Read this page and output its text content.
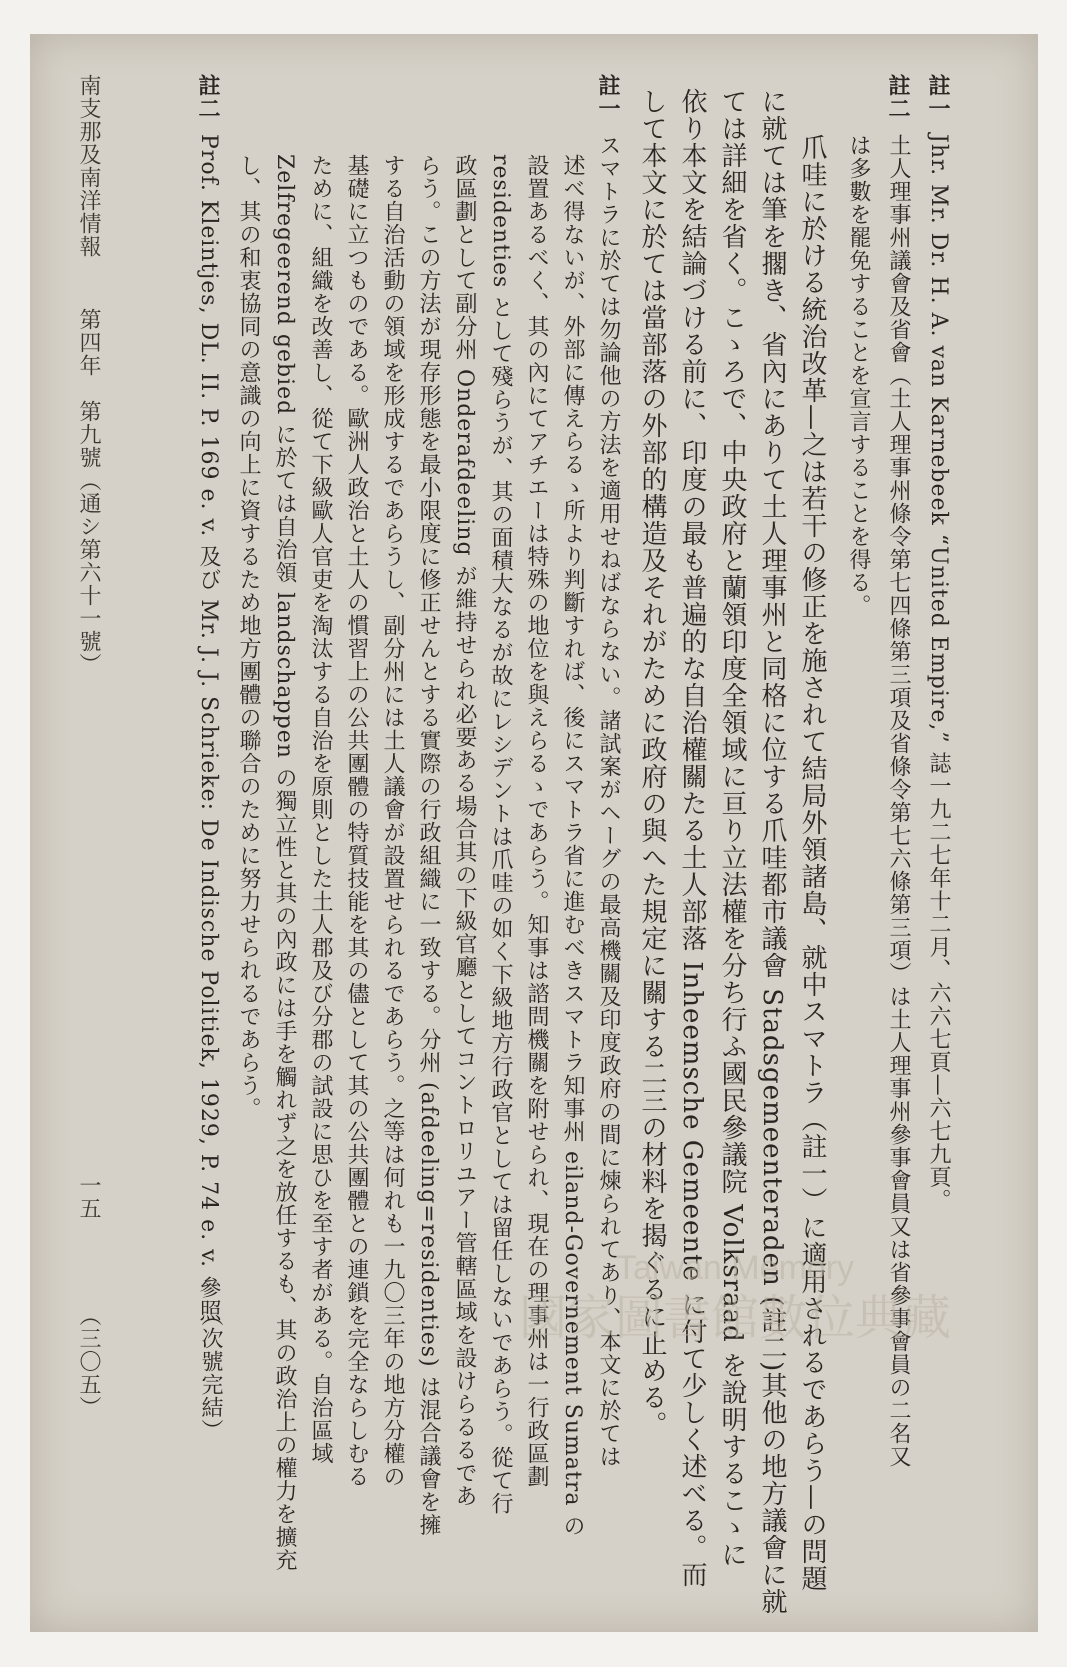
註一Jhr. Mr. Dr. H. A. van Karnebeek “United Empire,” 誌一九二七年十二月、六六七頁—六七九頁。
註二土人理事州議會及省會（土人理事州條令第七四條第三項及省條令第七六條第三項）は土人理事州參事會員又は省參事會員の二名又
は多數を罷免することを宣言することを得る。
爪哇に於ける統治改革—之は若干の修正を施されて結局外領諸島、就中スマトラ（註一）に適用されるであらう—の問題
に就ては筆を擱き、省內にありて土人理事州と同格に位する爪哇都市議會 Stadsgemeenteraden (註二)其他の地方議會に就
ては詳細を省く。こゝろで、中央政府と蘭領印度全領域に亘り立法權を分ち行ふ國民參議院 Volksraad を說明するこゝに
依り本文を結論づける前に、印度の最も普遍的な自治權關たる土人部落 Inheemsche Gemeente に付て少しく述べる。而
して本文に於ては當部落の外部的構造及それがために政府の與へた規定に關する二三の材料を揭ぐるに止める。
註一スマトラに於ては勿論他の方法を適用せねばならない。諸試案がヘーグの最高機關及印度政府の間に煉られてあり、本文に於ては
述べ得ないが、外部に傳えらるゝ所より判斷すれば、後にスマトラ省に進むべきスマトラ知事州 eiland-Governement Sumatra の
設置あるべく、其の內にてアチエーは特殊の地位を與えらるゝであらう。知事は諮問機關を附せられ、現在の理事州は一行政區劃
residenties として殘らうが、其の面積大なるが故にレシデントは爪哇の如く下級地方行政官としては留任しないであらう。從て行
政區劃として副分州 Onderafdeeling が維持せられ必要ある場合其の下級官廳としてコントロリユアー管轄區域を設けらるるであ
らう。この方法が現存形態を最小限度に修正せんとする實際の行政組織に一致する。分州 (afdeeling=residenties) は混合議會を擁
する自治活動の領域を形成するであらうし、副分州には土人議會が設置せられるであらう。之等は何れも一九〇三年の地方分權の
基礎に立つものである。歐洲人政治と土人の慣習上の公共團體の特質技能を其の儘として其の公共團體との連鎖を完全ならしむる
ために、組織を改善し、從て下級歐人官吏を淘汰する自治を原則とした土人郡及び分郡の試設に思ひを至す者がある。自治區域
Zelfregeerend gebied に於ては自治領 landschappen の獨立性と其の內政には手を觸れず之を放任するも、其の政治上の權力を擴充
し、其の和衷協同の意識の向上に資するため地方團體の聯合のために努力せられるであらう。
註二Prof. Kleintjes, DL. II. P. 169 e. v. 及び Mr. J. J. Schrieke: De Indische Politiek, 1929, P. 74 e. v. 參照
（次號完結）
南支那及南洋情報第四年　第九號（通シ第六十一號）
一五
（三〇五）	國家圖書館數位典藏
Taiwan Memory
